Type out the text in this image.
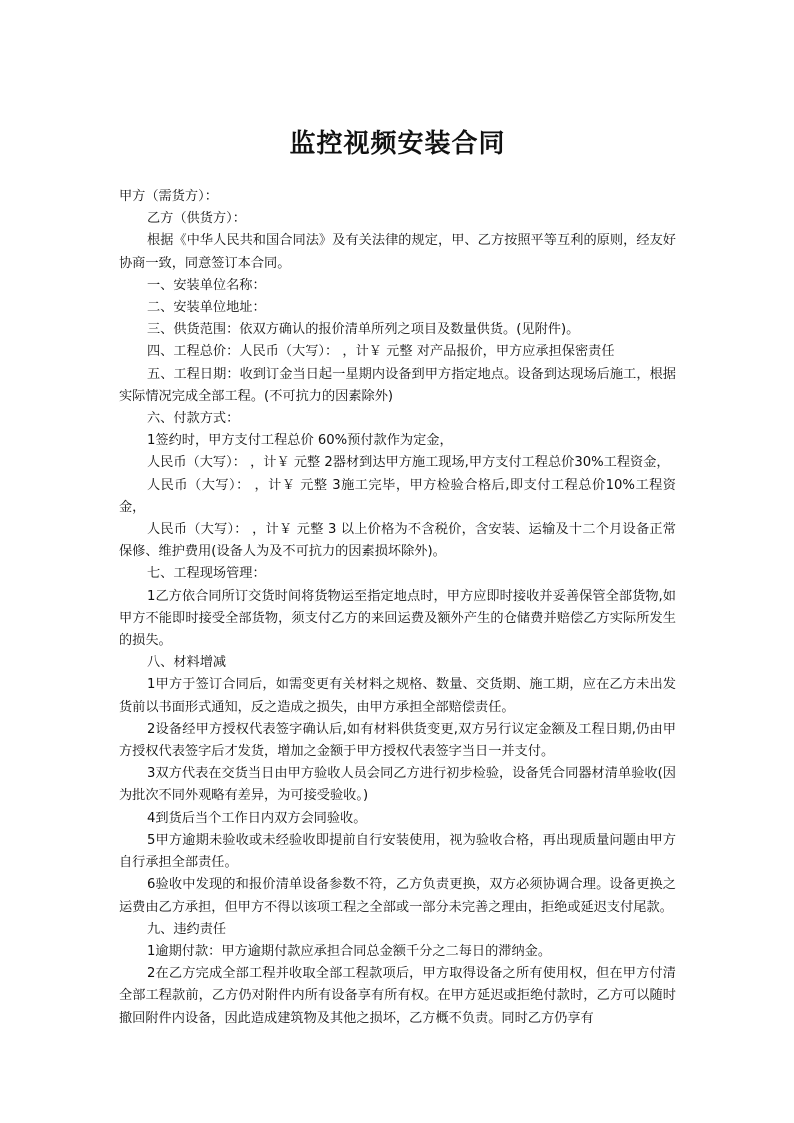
监控视频安装合同

甲方（需货方）：

乙方（供货方）：

根据《中华人民共和国合同法》及有关法律的规定，甲、乙方按照平等互利的原则，经友好协商一致，同意签订本合同。

一、安装单位名称：

二、安装单位地址：

三、供货范围：依双方确认的报价清单所列之项目及数量供货。(见附件)。

四、工程总价：人民币（大写）： ，计￥ 元整 对产品报价，甲方应承担保密责任

五、工程日期：收到订金当日起一星期内设备到甲方指定地点。设备到达现场后施工，根据实际情况完成全部工程。(不可抗力的因素除外)

六、付款方式：

1签约时，甲方支付工程总价 60%预付款作为定金，

人民币（大写）： ，计￥ 元整 2器材到达甲方施工现场,甲方支付工程总价30%工程资金，

人民币（大写）： ，计￥ 元整 3施工完毕，甲方检验合格后,即支付工程总价10%工程资金，

人民币（大写）： ，计￥ 元整 3 以上价格为不含税价，含安装、运输及十二个月设备正常保修、维护费用(设备人为及不可抗力的因素损坏除外)。

七、工程现场管理：

1乙方依合同所订交货时间将货物运至指定地点时，甲方应即时接收并妥善保管全部货物,如甲方不能即时接受全部货物，须支付乙方的来回运费及额外产生的仓储费并赔偿乙方实际所发生的损失。

八、材料增减

1甲方于签订合同后，如需变更有关材料之规格、数量、交货期、施工期，应在乙方未出发货前以书面形式通知，反之造成之损失，由甲方承担全部赔偿责任。

2设备经甲方授权代表签字确认后,如有材料供货变更,双方另行议定金额及工程日期,仍由甲方授权代表签字后才发货，增加之金额于甲方授权代表签字当日一并支付。

3双方代表在交货当日由甲方验收人员会同乙方进行初步检验，设备凭合同器材清单验收(因为批次不同外观略有差异，为可接受验收。)

4到货后当个工作日内双方会同验收。

5甲方逾期未验收或未经验收即提前自行安装使用，视为验收合格，再出现质量问题由甲方自行承担全部责任。

6验收中发现的和报价清单设备参数不符，乙方负责更换，双方必须协调合理。设备更换之运费由乙方承担，但甲方不得以该项工程之全部或一部分未完善之理由，拒绝或延迟支付尾款。

九、违约责任

1逾期付款：甲方逾期付款应承担合同总金额千分之二每日的滞纳金。

2在乙方完成全部工程并收取全部工程款项后，甲方取得设备之所有使用权，但在甲方付清全部工程款前，乙方仍对附件内所有设备享有所有权。在甲方延迟或拒绝付款时，乙方可以随时撤回附件内设备，因此造成建筑物及其他之损坏，乙方概不负责。同时乙方仍享有
